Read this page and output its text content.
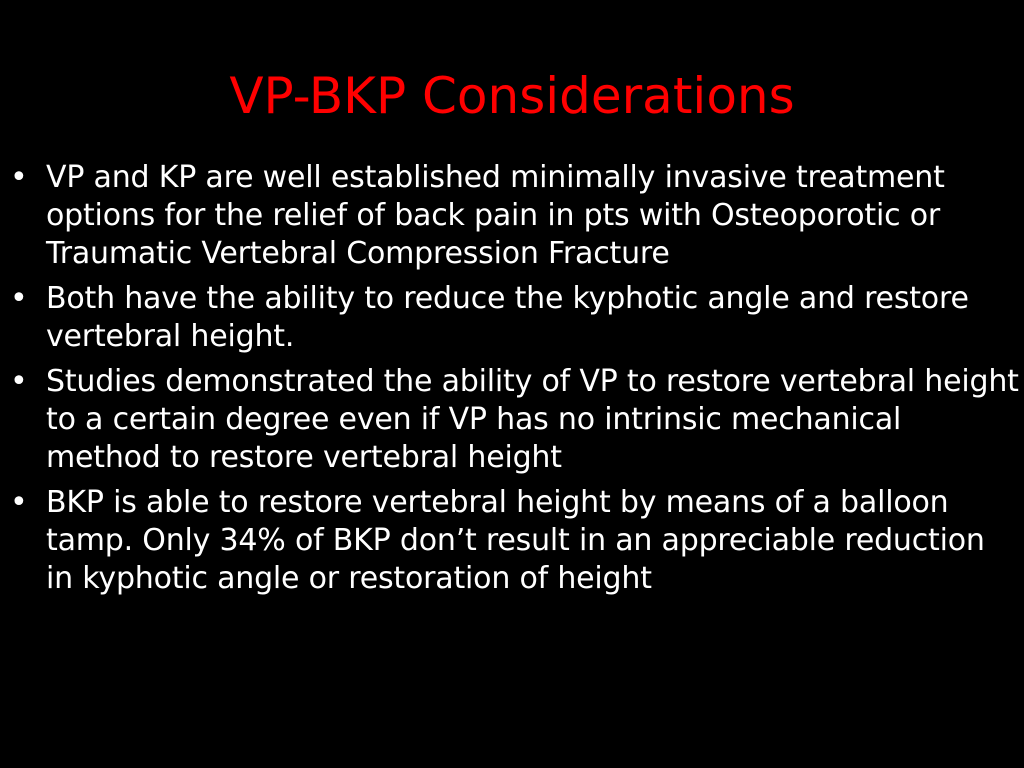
VP-BKP Considerations
• VP and KP are well established minimally invasive treatment options for the relief of back pain in pts with Osteoporotic or Traumatic Vertebral Compression Fracture
• Both have the ability to reduce the kyphotic angle and restore vertebral height.
• Studies demonstrated the ability of VP to restore vertebral height to a certain degree even if VP has no intrinsic mechanical method to restore vertebral height
• BKP is able to restore vertebral height by means of a balloon tamp. Only 34% of BKP don’t result in an appreciable reduction in kyphotic angle or restoration of height
